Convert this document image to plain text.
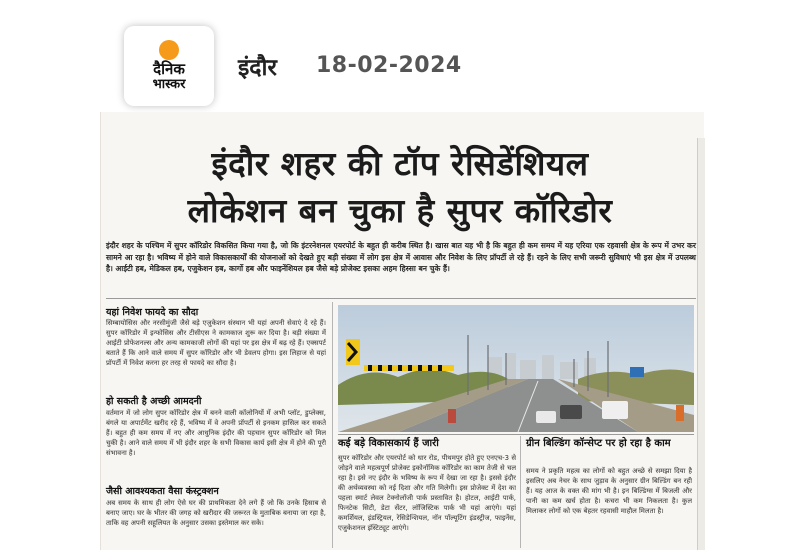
दैनिक
भास्कर
इंदौर 18-02-2024
इंदौर शहर की टॉप रेसिडेंशियल
लोकेशन बन चुका है सुपर कॉरिडोर
इंदौर शहर के पश्चिम में सुपर कॉरिडोर विकसित किया गया है, जो कि इंटरनेशनल एयरपोर्ट के बहुत ही करीब स्थित है। खास बात यह भी है कि बहुत ही कम समय में यह एरिया एक रहवासी क्षेत्र के रूप में उभर कर सामने आ रहा है। भविष्य में होने वाले विकासकार्यों की योजनाओं को देखते हुए बड़ी संख्या में लोग इस क्षेत्र में आवास और निवेश के लिए प्रॉपर्टी ले रहे हैं। रहने के लिए सभी जरूरी सुविधाएं भी इस क्षेत्र में उपलब्ध है। आईटी हब, मेडिकल हब, एजुकेशन हब, कार्गो हब और फाइनेंशियल हब जैसे बड़े प्रोजेक्ट इसका अहम हिस्सा बन चुके हैं।
यहां निवेश फायदे का सौदा
सिम्बायोसिस और नरसीमुंजी जैसे बड़े एजुकेशन संस्थान भी यहां अपनी सेवाएं दे रहे हैं। सुपर कॉरिडोर में इन्फोसिस और टीसीएस ने कामकाज शुरू कर दिया है। बड़ी संख्या में आईटी प्रोफेशनल्स और अन्य कामकाजी लोगों की यहां पर इस क्षेत्र में बढ़ रहे हैं। एक्सपर्ट बताते हैं कि आने वाले समय में सुपर कॉरिडोर और भी डेवलप होगा। इस लिहाज से यहां प्रॉपर्टी में निवेश करना हर तरह से फायदे का सौदा है।
हो सकती है अच्छी आमदनी
वर्तमान में जो लोग सुपर कॉरिडोर क्षेत्र में बनने वाली कॉलोनियों में अभी प्लॉट, डुप्लेक्स, बंगले या अपार्टमेंट खरीद रहे हैं, भविष्य में वे अपनी प्रॉपर्टी से इनकम हासिल कर सकते हैं। बहुत ही कम समय में नए और आधुनिक इंदौर की पहचान सुपर कॉरिडोर को मिल चुकी है। आने वाले समय में भी इंदौर शहर के सभी विकास कार्य इसी क्षेत्र में होने की पूरी संभावना है।
जैसी आवश्यकता वैसा कंस्ट्रक्शन
अब समय के साथ ही लोग ऐसे घर की प्राथमिकता देने लगे हैं जो कि उनके हिसाब से बनाए जाए। घर के भीतर की जगह को खरीदार की जरूरत के मुताबिक बनाया जा रहा है, ताकि वह अपनी सहूलियत के अनुसार उसका इस्तेमाल कर सके।
कई बड़े विकासकार्य हैं जारी
सुपर कॉरिडोर और एयरपोर्ट को धार रोड, पीथमपुर होते हुए एनएच-3 से जोड़ने वाले महत्वपूर्ण प्रोजेक्ट इकोनॉमिक कॉरिडोर का काम तेजी से चल रहा है। इसे नए इंदौर के भविष्य के रूप में देखा जा रहा है। इससे इंदौर की अर्थव्यवस्था को नई दिशा और गति मिलेगी। इस प्रोजेक्ट में देश का पहला स्मार्ट लेवल टेक्नोलॉजी पार्क प्रस्तावित है। होटल, आईटी पार्क, फिनटेक सिटी, डेटा सेंटर, लॉजिस्टिक पार्क भी यहां आएंगे। यहां कमर्शियल, इंडस्ट्रियल, रेसिडेन्शियल, नॉन पॉल्यूटिंग इंडस्ट्रीज, फाइनेंस, एजुकेशनल इंस्टिट्यूट आएंगे।
ग्रीन बिल्डिंग कॉन्सेप्ट पर हो रहा है काम
समय ने प्रकृति महत्व का लोगों को बहुत अच्छे से समझा दिया है इसलिए अब नेचर के साथ जुड़ाव के अनुसार ग्रीन बिल्डिंग बन रही हैं। यह आज के वक्त की मांग भी है। इन बिल्डिंग्स में बिजली और पानी का कम खर्च होता है। कचरा भी कम निकलता है। कुल मिलाकर लोगों को एक बेहतर रहवासी माहौल मिलता है।
